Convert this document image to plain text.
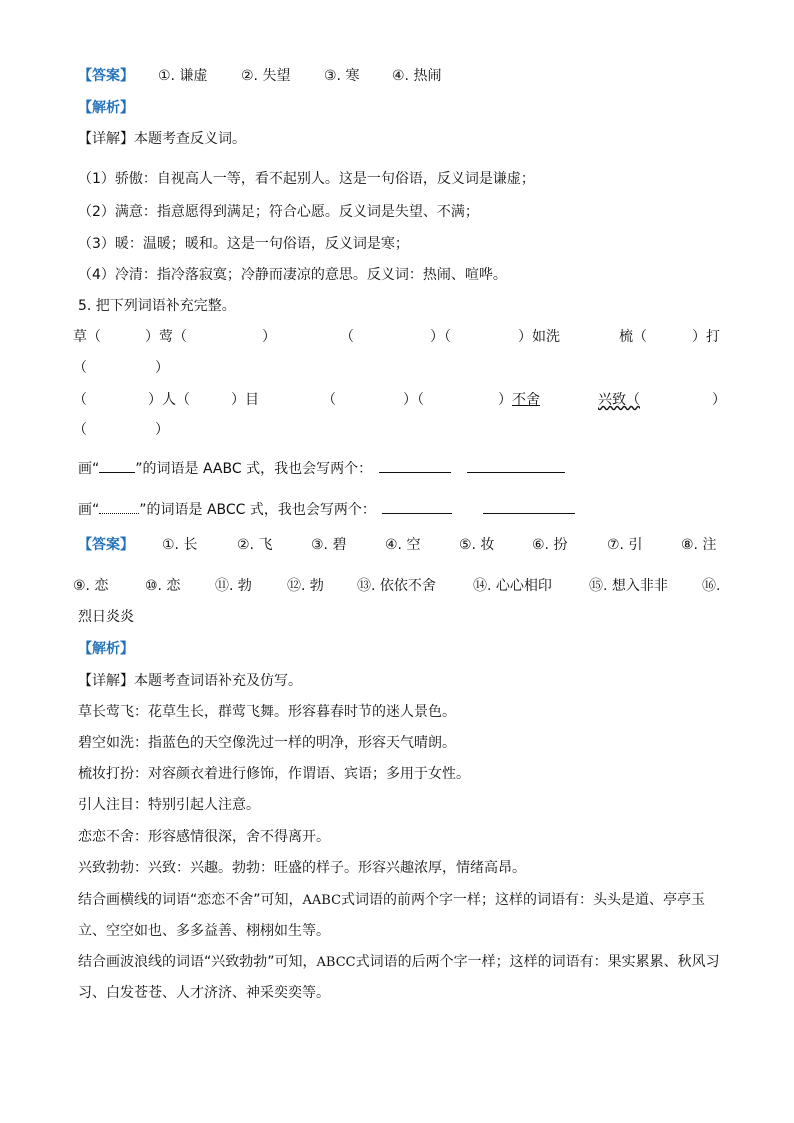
【答案】 ①. 谦虚 ②. 失望 ③. 寒 ④. 热闹
【解析】
【详解】本题考查反义词。
（1）骄傲：自视高人一等，看不起别人。这是一句俗语，反义词是谦虚；
（2）满意：指意愿得到满足；符合心愿。反义词是失望、不满；
（3）暖：温暖；暖和。这是一句俗语，反义词是寒；
（4）冷清：指冷落寂寞；冷静而凄凉的意思。反义词：热闹、喧哗。
5. 把下列词语补充完整。
草（	）莺（	）	（	）（	）如洗	梳（	）打
（	）
（	）人（	）目	（	）（	） 不舍	兴致（	）
（	）
画“	”的词语是 AABC 式，我也会写两个：
画“	”的词语是 ABCC 式，我也会写两个：
【答案】 ①. 长	②. 飞	③. 碧	④. 空	⑤. 妆	⑥. 扮	⑦. 引	⑧. 注
⑨. 恋	⑩. 恋 ⑪. 勃	⑫. 勃 ⑬. 依依不舍	⑭. 心心相印	⑮. 想入非非 ⑯.
烈日炎炎
【解析】
【详解】本题考查词语补充及仿写。
草长莺飞：花草生长，群莺飞舞。形容暮春时节的迷人景色。
碧空如洗：指蓝色的天空像洗过一样的明净，形容天气晴朗。
梳妆打扮：对容颜衣着进行修饰，作谓语、宾语；多用于女性。
引人注目：特别引起人注意。
恋恋不舍：形容感情很深，舍不得离开。
兴致勃勃：兴致：兴趣。勃勃：旺盛的样子。形容兴趣浓厚，情绪高昂。
结合画横线的词语“恋恋不舍”可知，AABC式词语的前两个字一样；这样的词语有：头头是道、亭亭玉
立、空空如也、多多益善、栩栩如生等。
结合画波浪线的词语“兴致勃勃”可知，ABCC式词语的后两个字一样；这样的词语有：果实累累、秋风习
习、白发苍苍、人才济济、神采奕奕等。
